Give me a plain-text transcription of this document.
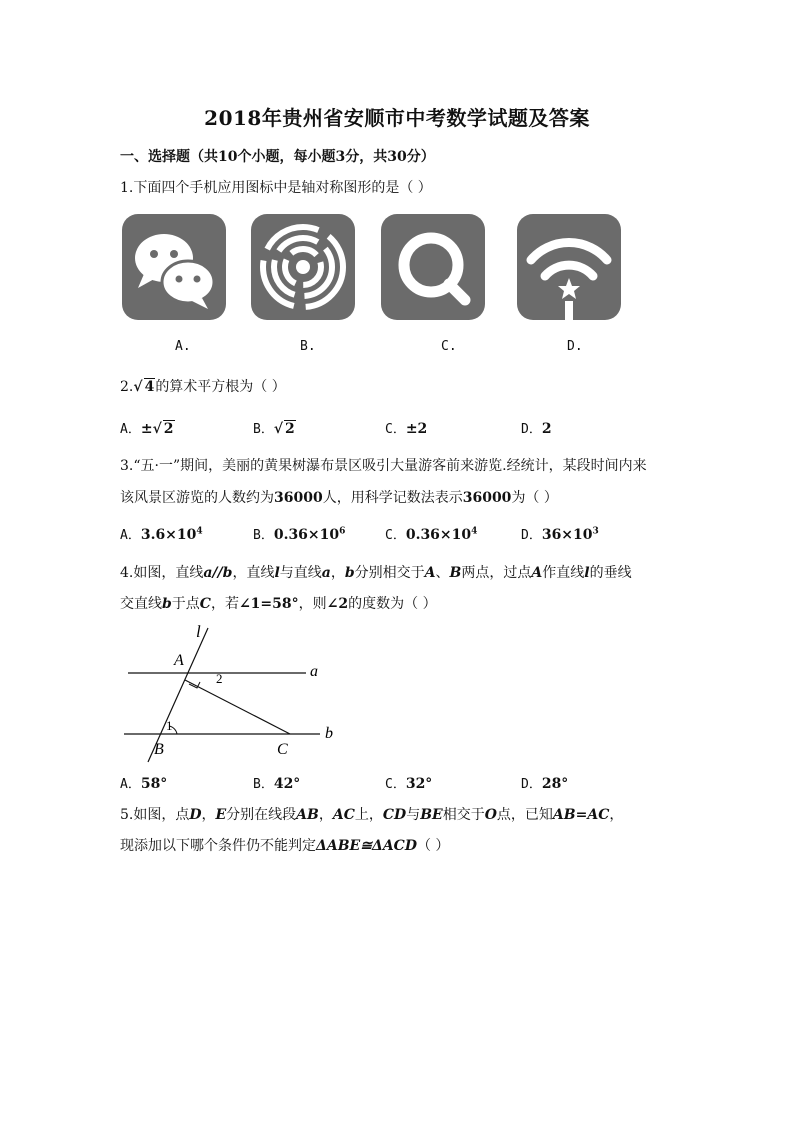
2018年贵州省安顺市中考数学试题及答案
一、选择题（共10个小题，每小题3分，共30分）
1.下面四个手机应用图标中是轴对称图形的是（ ）
A.	B.	C.	D.
2.√ 4的算术平方根为（ ）
A．±√ 2	B．√ 2	C．±2	D．2
3.“五·一”期间，美丽的黄果树瀑布景区吸引大量游客前来游览.经统计，某段时间内来
该风景区游览的人数约为36000人，用科学记数法表示36000为（ ）
A．$3.6\times 10^4$	B．$0.36\times 10^6$	C．$0.36\times 10^4$	D．$36\times 10^3$
4.如图，直线a//b，直线l与直线a，b分别相交于A、B两点，过点A作直线l的垂线
交直线b于点C，若∠1=58°，则∠2的度数为（ ）
l
A
a
2
1	b
B	C
A．58°	B．42°	C．32°	D．28°
5.如图，点D，E分别在线段AB，AC上，CD与BE相交于O点，已知AB=AC，
现添加以下哪个条件仍不能判定ΔABE≅ΔACD（ ）
